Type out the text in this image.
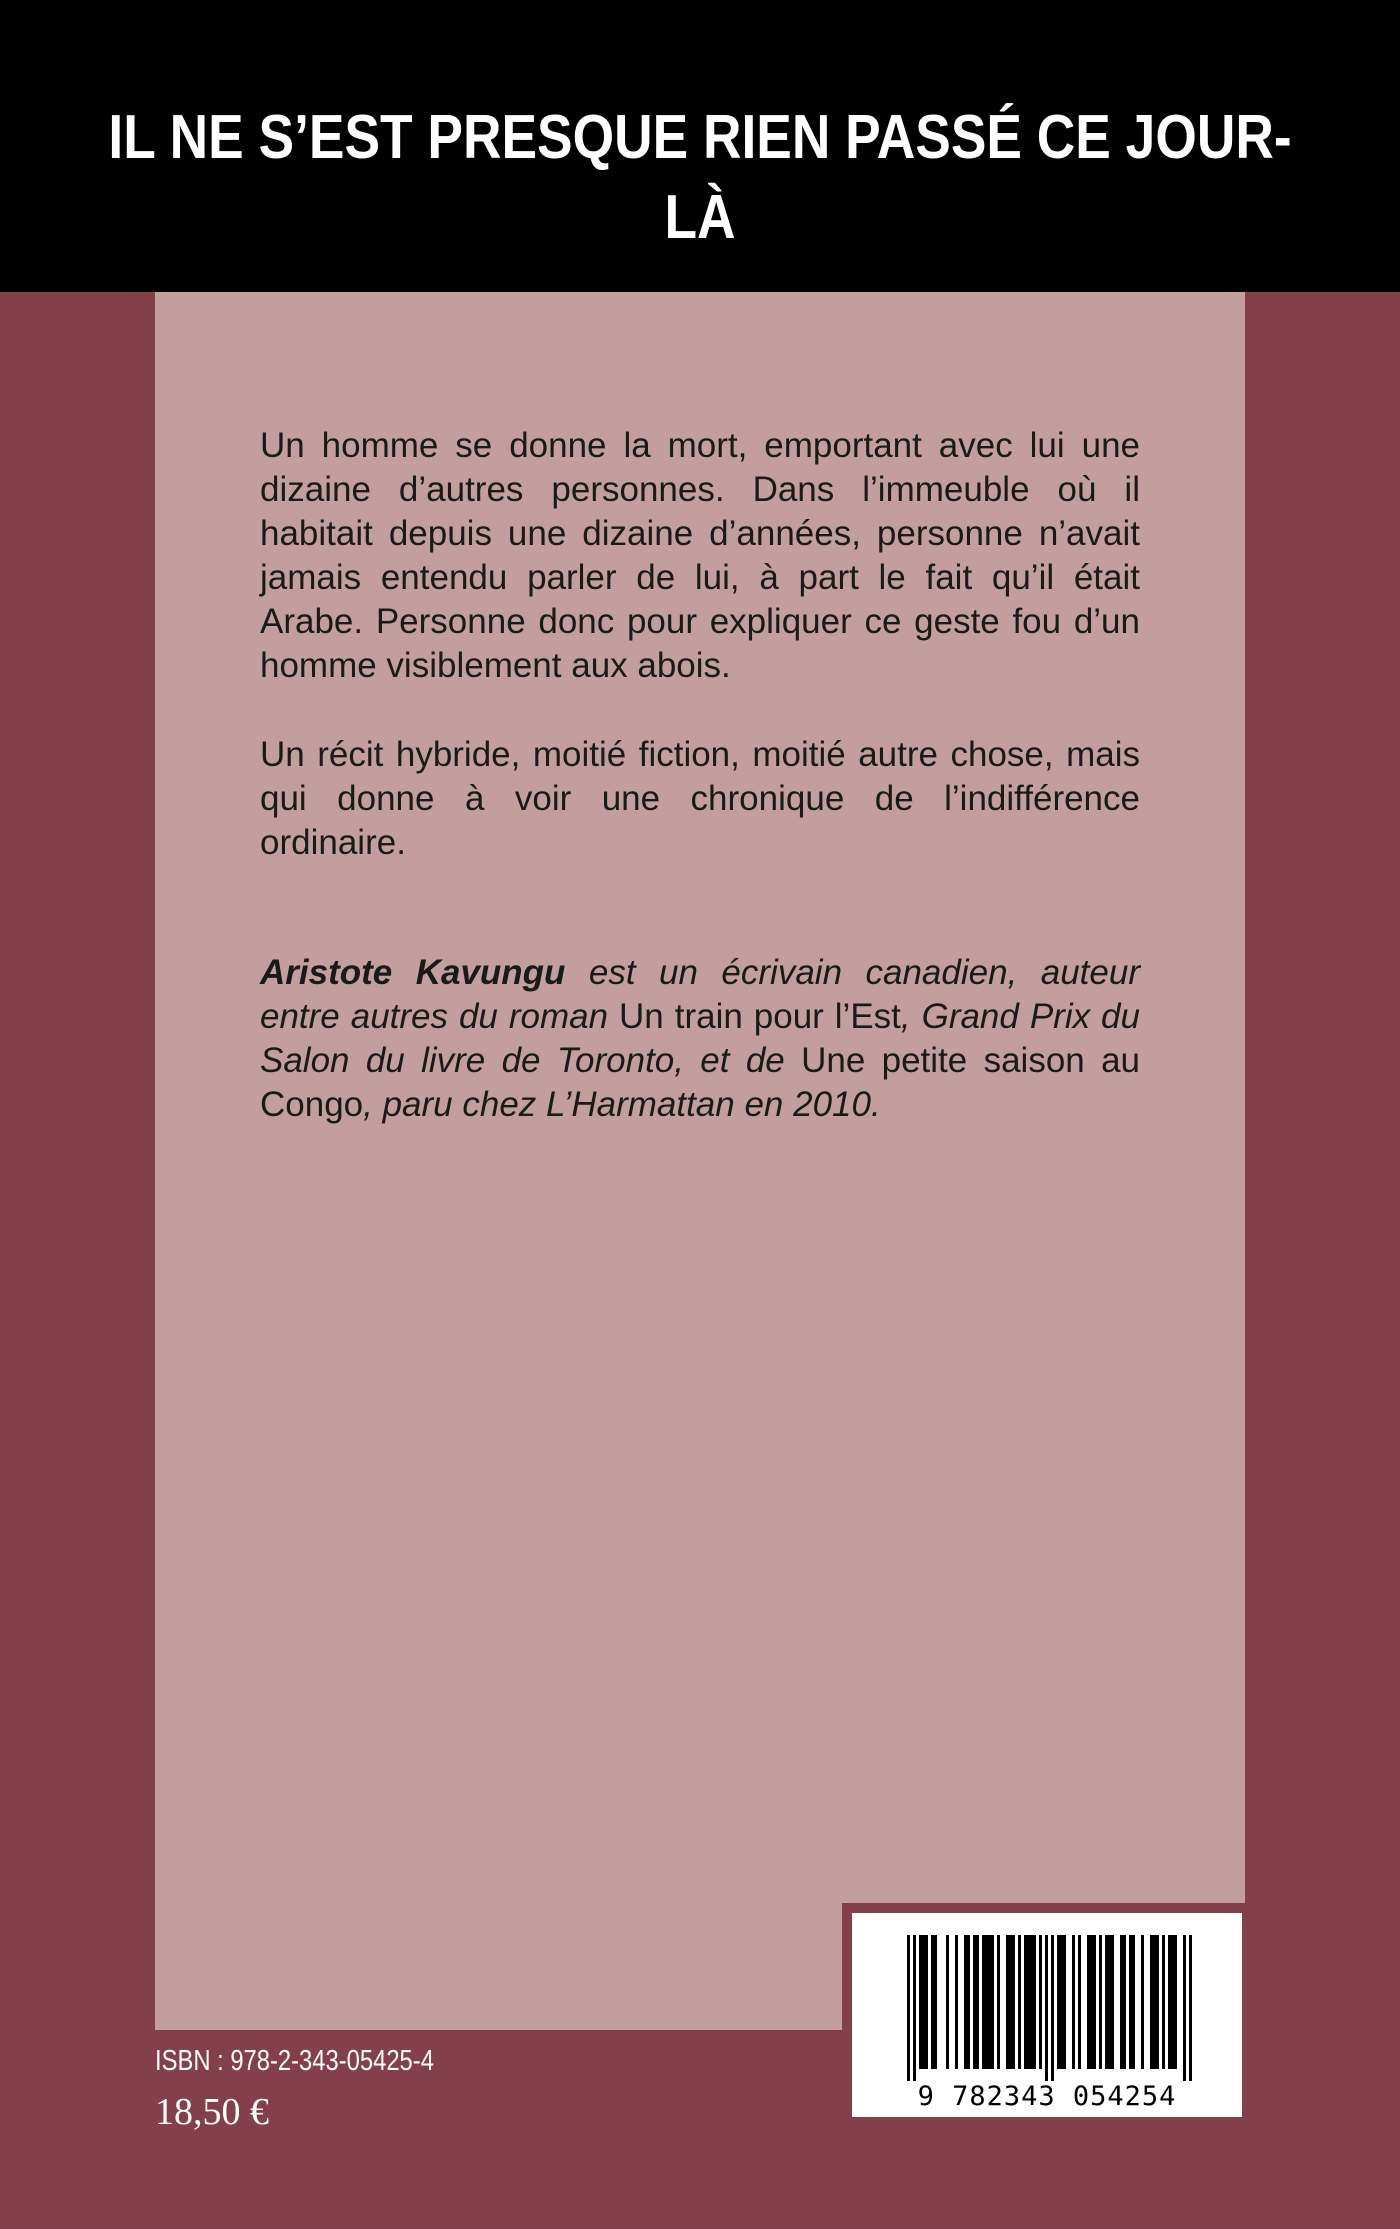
IL NE S’EST PRESQUE RIEN PASSÉ CE JOUR-LÀ

Un homme se donne la mort, emportant avec lui une dizaine d’autres personnes. Dans l’immeuble où il habitait depuis une dizaine d’années, personne n’avait jamais entendu parler de lui, à part le fait qu’il était Arabe. Personne donc pour expliquer ce geste fou d’un homme visiblement aux abois.

Un récit hybride, moitié fiction, moitié autre chose, mais qui donne à voir une chronique de l’indifférence ordinaire.

Aristote Kavungu est un écrivain canadien, auteur entre autres du roman Un train pour l’Est, Grand Prix du Salon du livre de Toronto, et de Une petite saison au Congo, paru chez L’Harmattan en 2010.

9 782343 054254

ISBN : 978-2-343-05425-4

18,50 €
